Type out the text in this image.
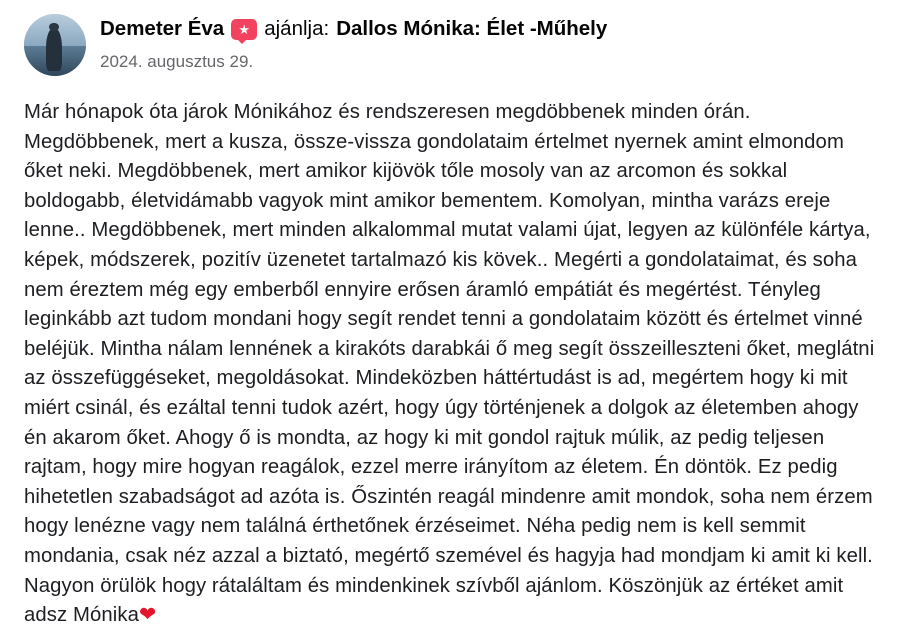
Demeter Éva ★ ajánlja: Dallos Mónika: Élet -Műhely
2024. augusztus 29.

Már hónapok óta járok Mónikához és rendszeresen megdöbbenek minden órán. Megdöbbenek, mert a kusza, össze-vissza gondolataim értelmet nyernek amint elmondom őket neki. Megdöbbenek, mert amikor kijövök tőle mosoly van az arcomon és sokkal boldogabb, életvidámabb vagyok mint amikor bementem. Komolyan, mintha varázs ereje lenne.. Megdöbbenek, mert minden alkalommal mutat valami újat, legyen az különféle kártya, képek, módszerek, pozitív üzenetet tartalmazó kis kövek.. Megérti a gondolataimat, és soha nem éreztem még egy emberből ennyire erősen áramló empátiát és megértést. Tényleg leginkább azt tudom mondani hogy segít rendet tenni a gondolataim között és értelmet vinné beléjük. Mintha nálam lennének a kirakóts darabkái ő meg segít összeilleszteni őket, meglátni az összefüggéseket, megoldásokat. Mindeközben háttértudást is ad, megértem hogy ki mit miért csinál, és ezáltal tenni tudok azért, hogy úgy történjenek a dolgok az életemben ahogy én akarom őket. Ahogy ő is mondta, az hogy ki mit gondol rajtuk múlik, az pedig teljesen rajtam, hogy mire hogyan reagálok, ezzel merre irányítom az életem. Én döntök. Ez pedig hihetetlen szabadságot ad azóta is. Őszintén reagál mindenre amit mondok, soha nem érzem hogy lenézne vagy nem találná érthetőnek érzéseimet. Néha pedig nem is kell semmit mondania, csak néz azzal a biztató, megértő szemével és hagyja had mondjam ki amit ki kell.

Nagyon örülök hogy rátaláltam és mindenkinek szívből ajánlom. Köszönjük az értéket amit adsz Mónika❤
